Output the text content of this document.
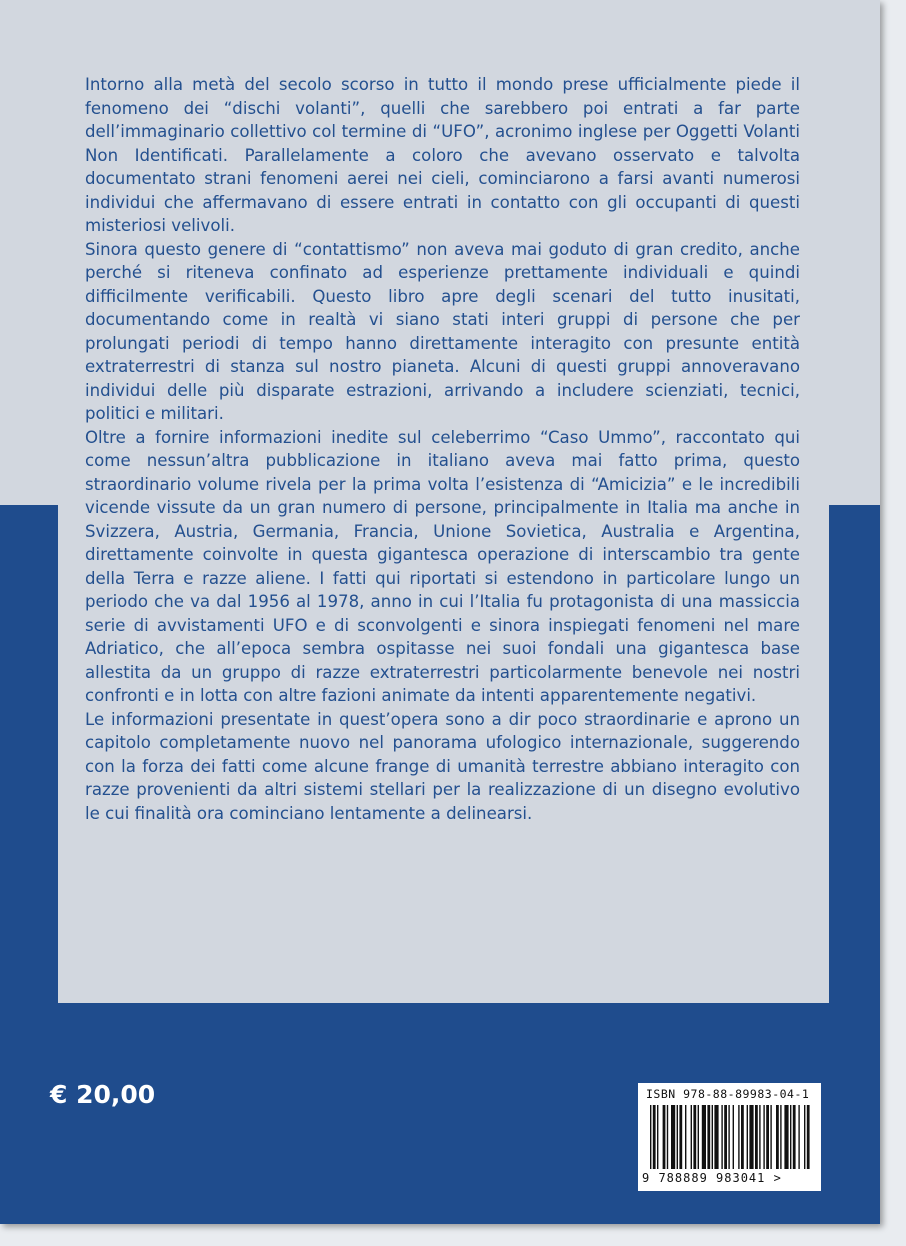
Intorno alla metà del secolo scorso in tutto il mondo prese ufficialmente piede il fenomeno dei “dischi volanti”, quelli che sarebbero poi entrati a far parte dell’immaginario collettivo col termine di “UFO”, acronimo inglese per Oggetti Volanti Non Identificati. Parallelamente a coloro che avevano osservato e talvolta documentato strani fenomeni aerei nei cieli, cominciarono a farsi avanti numerosi individui che affermavano di essere entrati in contatto con gli occupanti di questi misteriosi velivoli.

Sinora questo genere di “contattismo” non aveva mai goduto di gran credito, anche perché si riteneva confinato ad esperienze prettamente individuali e quindi difficilmente verificabili. Questo libro apre degli scenari del tutto inusitati, documentando come in realtà vi siano stati interi gruppi di persone che per prolungati periodi di tempo hanno direttamente interagito con presunte entità extraterrestri di stanza sul nostro pianeta. Alcuni di questi gruppi annoveravano individui delle più disparate estrazioni, arrivando a includere scienziati, tecnici, politici e militari.

Oltre a fornire informazioni inedite sul celeberrimo “Caso Ummo”, raccontato qui come nessun’altra pubblicazione in italiano aveva mai fatto prima, questo straordinario volume rivela per la prima volta l’esistenza di “Amicizia” e le incredibili vicende vissute da un gran numero di persone, principalmente in Italia ma anche in Svizzera, Austria, Germania, Francia, Unione Sovietica, Australia e Argentina, direttamente coinvolte in questa gigantesca operazione di interscambio tra gente della Terra e razze aliene. I fatti qui riportati si estendono in particolare lungo un periodo che va dal 1956 al 1978, anno in cui l’Italia fu protagonista di una massiccia serie di avvistamenti UFO e di sconvolgenti e sinora inspiegati fenomeni nel mare Adriatico, che all’epoca sembra ospitasse nei suoi fondali una gigantesca base allestita da un gruppo di razze extraterrestri particolarmente benevole nei nostri confronti e in lotta con altre fazioni animate da intenti apparentemente negativi.

Le informazioni presentate in quest’opera sono a dir poco straordinarie e aprono un capitolo completamente nuovo nel panorama ufologico internazionale, suggerendo con la forza dei fatti come alcune frange di umanità terrestre abbiano interagito con razze provenienti da altri sistemi stellari per la realizzazione di un disegno evolutivo le cui finalità ora cominciano lentamente a delinearsi.

€ 20,00	ISBN 978-88-89983-04-1
9 788889 983041 >
